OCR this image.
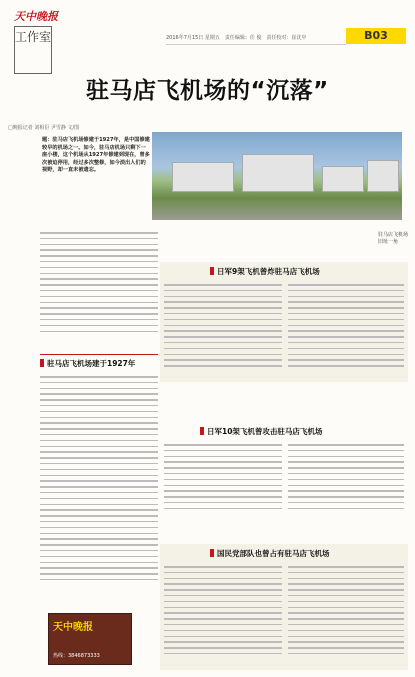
天中晚报
工作室	2016年7月15日 星期五　责任编辑：任 俊　责任校对：崔沈中	B03
驻马店飞机场的“沉落”
□晚报记者 刘相臣 尹雪静 文/图
题：驻马店飞机场修建于1927年，是中国修建较早的机场之一。如今，驻马店机场只剩下一座小楼，这个机场从1927年修建到现在，曾多次被迫停用，经过多次整修，如今淡出人们的视野，却一直未被遗忘。
驻马店飞机场旧址一角
驻马店飞机场建于1927年
日军9架飞机曾炸驻马店飞机场
日军10架飞机曾攻击驻马店飞机场
国民党部队也曾占有驻马店飞机场
天中晚报
热线：3846873333
